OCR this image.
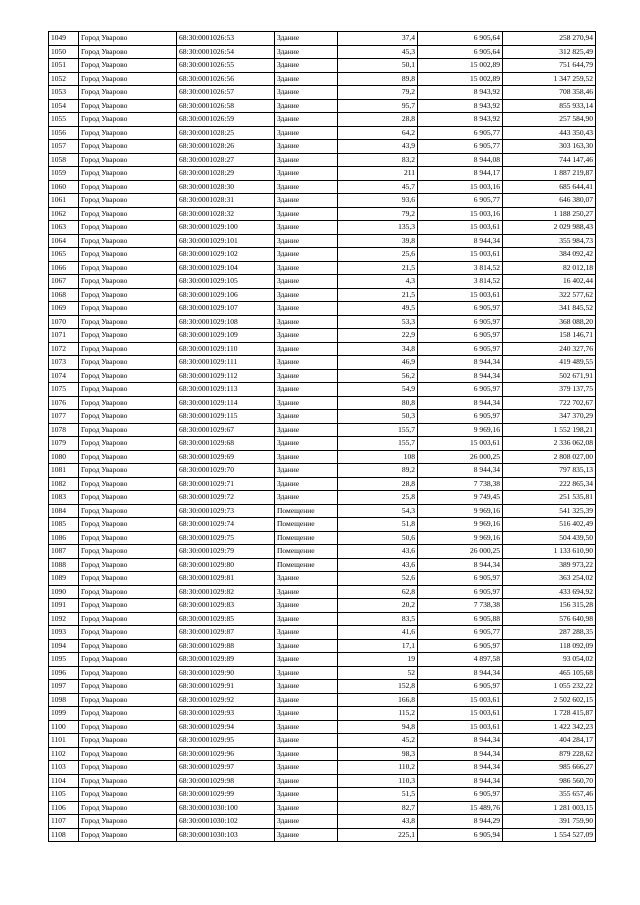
1049	Город Уварово	68:30:0001026:53	Здание	37,4	6 905,64	258 270,94
1050	Город Уварово	68:30:0001026:54	Здание	45,3	6 905,64	312 825,49
1051	Город Уварово	68:30:0001026:55	Здание	50,1	15 002,89	751 644,79
1052	Город Уварово	68:30:0001026:56	Здание	89,8	15 002,89	1 347 259,52
1053	Город Уварово	68:30:0001026:57	Здание	79,2	8 943,92	708 358,46
1054	Город Уварово	68:30:0001026:58	Здание	95,7	8 943,92	855 933,14
1055	Город Уварово	68:30:0001026:59	Здание	28,8	8 943,92	257 584,90
1056	Город Уварово	68:30:0001028:25	Здание	64,2	6 905,77	443 350,43
1057	Город Уварово	68:30:0001028:26	Здание	43,9	6 905,77	303 163,30
1058	Город Уварово	68:30:0001028:27	Здание	83,2	8 944,08	744 147,46
1059	Город Уварово	68:30:0001028:29	Здание	211	8 944,17	1 887 219,87
1060	Город Уварово	68:30:0001028:30	Здание	45,7	15 003,16	685 644,41
1061	Город Уварово	68:30:0001028:31	Здание	93,6	6 905,77	646 380,07
1062	Город Уварово	68:30:0001028:32	Здание	79,2	15 003,16	1 188 250,27
1063	Город Уварово	68:30:0001029:100	Здание	135,3	15 003,61	2 029 988,43
1064	Город Уварово	68:30:0001029:101	Здание	39,8	8 944,34	355 984,73
1065	Город Уварово	68:30:0001029:102	Здание	25,6	15 003,61	384 092,42
1066	Город Уварово	68:30:0001029:104	Здание	21,5	3 814,52	82 012,18
1067	Город Уварово	68:30:0001029:105	Здание	4,3	3 814,52	16 402,44
1068	Город Уварово	68:30:0001029:106	Здание	21,5	15 003,61	322 577,62
1069	Город Уварово	68:30:0001029:107	Здание	49,5	6 905,97	341 845,52
1070	Город Уварово	68:30:0001029:108	Здание	53,3	6 905,97	368 088,20
1071	Город Уварово	68:30:0001029:109	Здание	22,9	6 905,97	158 146,71
1072	Город Уварово	68:30:0001029:110	Здание	34,8	6 905,97	240 327,76
1073	Город Уварово	68:30:0001029:111	Здание	46,9	8 944,34	419 489,55
1074	Город Уварово	68:30:0001029:112	Здание	56,2	8 944,34	502 671,91
1075	Город Уварово	68:30:0001029:113	Здание	54,9	6 905,97	379 137,75
1076	Город Уварово	68:30:0001029:114	Здание	80,8	8 944,34	722 702,67
1077	Город Уварово	68:30:0001029:115	Здание	50,3	6 905,97	347 370,29
1078	Город Уварово	68:30:0001029:67	Здание	155,7	9 969,16	1 552 198,21
1079	Город Уварово	68:30:0001029:68	Здание	155,7	15 003,61	2 336 062,08
1080	Город Уварово	68:30:0001029:69	Здание	108	26 000,25	2 808 027,00
1081	Город Уварово	68:30:0001029:70	Здание	89,2	8 944,34	797 835,13
1082	Город Уварово	68:30:0001029:71	Здание	28,8	7 738,38	222 865,34
1083	Город Уварово	68:30:0001029:72	Здание	25,8	9 749,45	251 535,81
1084	Город Уварово	68:30:0001029:73	Помещение	54,3	9 969,16	541 325,39
1085	Город Уварово	68:30:0001029:74	Помещение	51,8	9 969,16	516 402,49
1086	Город Уварово	68:30:0001029:75	Помещение	50,6	9 969,16	504 439,50
1087	Город Уварово	68:30:0001029:79	Помещение	43,6	26 000,25	1 133 610,90
1088	Город Уварово	68:30:0001029:80	Помещение	43,6	8 944,34	389 973,22
1089	Город Уварово	68:30:0001029:81	Здание	52,6	6 905,97	363 254,02
1090	Город Уварово	68:30:0001029:82	Здание	62,8	6 905,97	433 694,92
1091	Город Уварово	68:30:0001029:83	Здание	20,2	7 738,38	156 315,28
1092	Город Уварово	68:30:0001029:85	Здание	83,5	6 905,88	576 640,98
1093	Город Уварово	68:30:0001029:87	Здание	41,6	6 905,77	287 288,35
1094	Город Уварово	68:30:0001029:88	Здание	17,1	6 905,97	118 092,09
1095	Город Уварово	68:30:0001029:89	Здание	19	4 897,58	93 054,02
1096	Город Уварово	68:30:0001029:90	Здание	52	8 944,34	465 105,68
1097	Город Уварово	68:30:0001029:91	Здание	152,8	6 905,97	1 055 232,22
1098	Город Уварово	68:30:0001029:92	Здание	166,8	15 003,61	2 502 602,15
1099	Город Уварово	68:30:0001029:93	Здание	115,2	15 003,61	1 728 415,87
1100	Город Уварово	68:30:0001029:94	Здание	94,8	15 003,61	1 422 342,23
1101	Город Уварово	68:30:0001029:95	Здание	45,2	8 944,34	404 284,17
1102	Город Уварово	68:30:0001029:96	Здание	98,3	8 944,34	879 228,62
1103	Город Уварово	68:30:0001029:97	Здание	110,2	8 944,34	985 666,27
1104	Город Уварово	68:30:0001029:98	Здание	110,3	8 944,34	986 560,70
1105	Город Уварово	68:30:0001029:99	Здание	51,5	6 905,97	355 657,46
1106	Город Уварово	68:30:0001030:100	Здание	82,7	15 489,76	1 281 003,15
1107	Город Уварово	68:30:0001030:102	Здание	43,8	8 944,29	391 759,90
1108	Город Уварово	68:30:0001030:103	Здание	225,1	6 905,94	1 554 527,09
